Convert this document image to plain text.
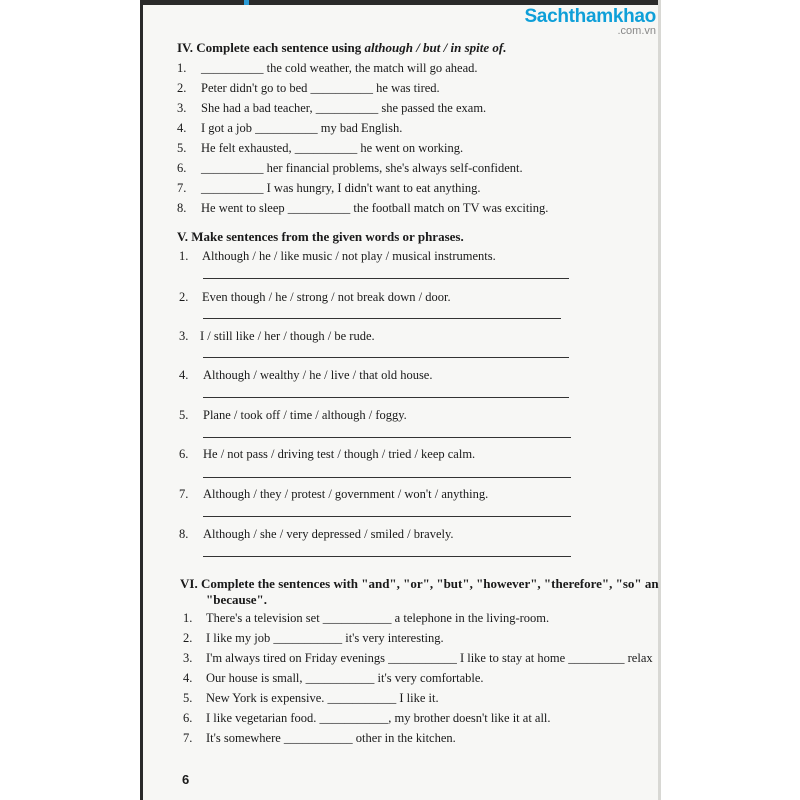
Sachthamkhao
.com.vn
IV. Complete each sentence using although / but / in spite of.
1. __________ the cold weather, the match will go ahead.
2. Peter didn't go to bed __________ he was tired.
3. She had a bad teacher, __________ she passed the exam.
4. I got a job __________ my bad English.
5. He felt exhausted, __________ he went on working.
6. __________ her financial problems, she's always self-confident.
7. __________ I was hungry, I didn't want to eat anything.
8. He went to sleep __________ the football match on TV was exciting.
V. Make sentences from the given words or phrases.
1. Although / he / like music / not play / musical instruments.
2. Even though / he / strong / not break down / door.
3. I / still like / her / though / be rude.
4. Although / wealthy / he / live / that old house.
5. Plane / took off / time / although / foggy.
6. He / not pass / driving test / though / tried / keep calm.
7. Although / they / protest / government / won't / anything.
8. Although / she / very depressed / smiled / bravely.
VI. Complete the sentences with "and", "or", "but", "however", "therefore", "so" an
"because".
1. There's a television set ___________ a telephone in the living-room.
2. I like my job ___________ it's very interesting.
3. I'm always tired on Friday evenings ___________ I like to stay at home _________ relax
4. Our house is small, ___________ it's very comfortable.
5. New York is expensive. ___________ I like it.
6. I like vegetarian food. ___________, my brother doesn't like it at all.
7. It's somewhere ___________ other in the kitchen.
6
